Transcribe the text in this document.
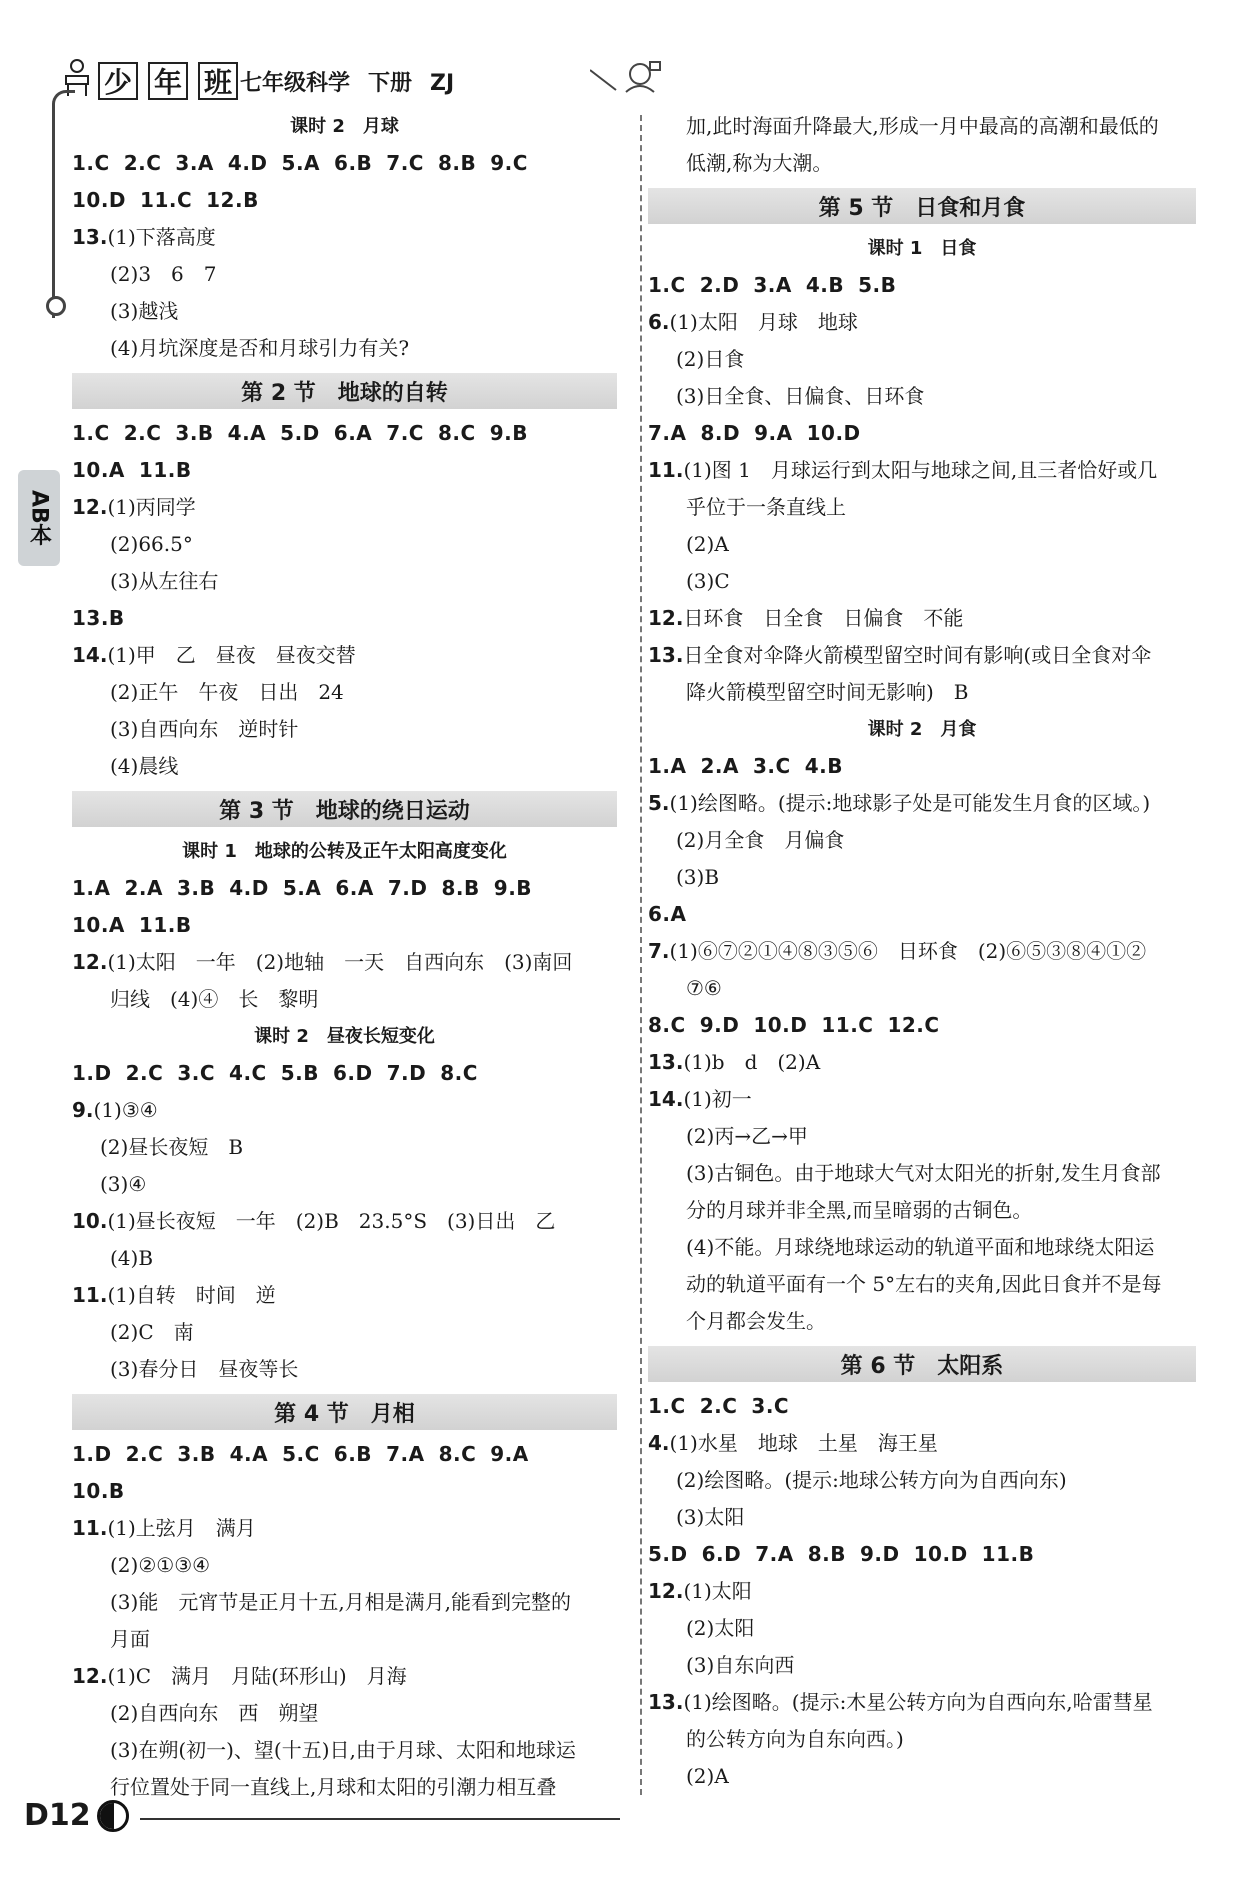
少 年 班 七年级科学 下册 ZJ
AB本
课时 2　月球
1.C 2.C 3.A 4.D 5.A 6.B 7.C 8.B 9.C
10.D 11.C 12.B
13.(1)下落高度
(2)3　6　7
(3)越浅
(4)月坑深度是否和月球引力有关?
第 2 节　地球的自转
1.C 2.C 3.B 4.A 5.D 6.A 7.C 8.C 9.B
10.A 11.B
12.(1)丙同学
(2)66.5°
(3)从左往右
13.B
14.(1)甲　乙　昼夜　昼夜交替
(2)正午　午夜　日出　24
(3)自西向东　逆时针
(4)晨线
第 3 节　地球的绕日运动
课时 1　地球的公转及正午太阳高度变化
1.A 2.A 3.B 4.D 5.A 6.A 7.D 8.B 9.B
10.A 11.B
12.(1)太阳　一年　(2)地轴　一天　自西向东　(3)南回
归线　(4)④　长　黎明
课时 2　昼夜长短变化
1.D 2.C 3.C 4.C 5.B 6.D 7.D 8.C
9.(1)③④
(2)昼长夜短　B
(3)④
10.(1)昼长夜短　一年　(2)B　23.5°S　(3)日出　乙
(4)B
11.(1)自转　时间　逆
(2)C　南
(3)春分日　昼夜等长
第 4 节　月相
1.D 2.C 3.B 4.A 5.C 6.B 7.A 8.C 9.A
10.B
11.(1)上弦月　满月
(2)②①③④
(3)能　元宵节是正月十五,月相是满月,能看到完整的
月面
12.(1)C　满月　月陆(环形山)　月海
(2)自西向东　西　朔望
(3)在朔(初一)、望(十五)日,由于月球、太阳和地球运
行位置处于同一直线上,月球和太阳的引潮力相互叠
加,此时海面升降最大,形成一月中最高的高潮和最低的
低潮,称为大潮。
第 5 节　日食和月食
课时 1　日食
1.C 2.D 3.A 4.B 5.B
6.(1)太阳　月球　地球
(2)日食
(3)日全食、日偏食、日环食
7.A 8.D 9.A 10.D
11.(1)图 1　月球运行到太阳与地球之间,且三者恰好或几
乎位于一条直线上
(2)A
(3)C
12.日环食　日全食　日偏食　不能
13.日全食对伞降火箭模型留空时间有影响(或日全食对伞
降火箭模型留空时间无影响)　B
课时 2　月食
1.A 2.A 3.C 4.B
5.(1)绘图略。(提示:地球影子处是可能发生月食的区域。)
(2)月全食　月偏食
(3)B
6.A
7.(1)⑥⑦②①④⑧③⑤⑥　日环食　(2)⑥⑤③⑧④①②
⑦⑥
8.C 9.D 10.D 11.C 12.C
13.(1)b　d　(2)A
14.(1)初一
(2)丙→乙→甲
(3)古铜色。由于地球大气对太阳光的折射,发生月食部
分的月球并非全黑,而呈暗弱的古铜色。
(4)不能。月球绕地球运动的轨道平面和地球绕太阳运
动的轨道平面有一个 5°左右的夹角,因此日食并不是每
个月都会发生。
第 6 节　太阳系
1.C 2.C 3.C
4.(1)水星　地球　土星　海王星
(2)绘图略。(提示:地球公转方向为自西向东)
(3)太阳
5.D 6.D 7.A 8.B 9.D 10.D 11.B
12.(1)太阳
(2)太阳
(3)自东向西
13.(1)绘图略。(提示:木星公转方向为自西向东,哈雷彗星
的公转方向为自东向西。)
(2)A
D12
